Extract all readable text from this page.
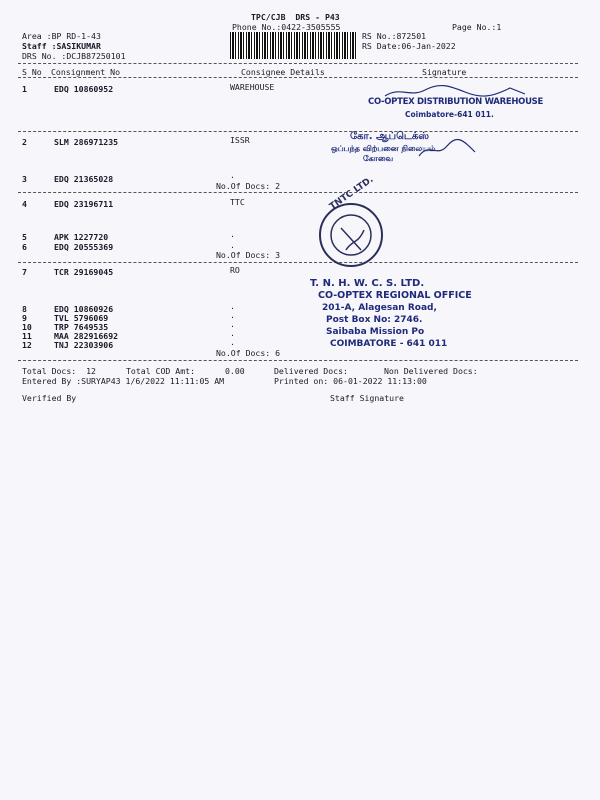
TPC/CJB  DRS - P43
Phone No.:0422-3505555	Page No.:1
Area :BP RD-1-43
Staff :SASIKUMAR
DRS No. :DCJB87250101
RS No.:872501
RS Date:06-Jan-2022
S No Consignment No	Consignee Details	Signature
1	EDQ 10860952	WAREHOUSE
2	SLM 286971235	ISSR
3	EDQ 21365028	.
No.Of Docs: 2
4	EDQ 23196711	TTC
5	APK 1227720	.
6	EDQ 20555369	.
No.Of Docs: 3
7	TCR 29169045	RO
8	EDQ 10860926	.
9	TVL 5796069	.
10	TRP 7649535	.
11	MAA 282916692	.
12	TNJ 22303906	.
No.Of Docs: 6
Total Docs:  12	Total COD Amt:	0.00	Delivered Docs:	Non Delivered Docs:
Entered By :SURYAP43 1/6/2022 11:11:05 AM	Printed on: 06-01-2022 11:13:00
Verified By	Staff Signature
CO-OPTEX DISTRIBUTION WAREHOUSE
Coimbatore-641 011.
கோ. ஆப்டெக்ஸ்
ஒப்பந்த விற்பனை நிலையம்
கோவை
TNTC LTD.
T. N. H. W. C. S. LTD.
CO-OPTEX REGIONAL OFFICE
201-A, Alagesan Road,
Post Box No: 2746.
Saibaba Mission Po
COIMBATORE - 641 011
